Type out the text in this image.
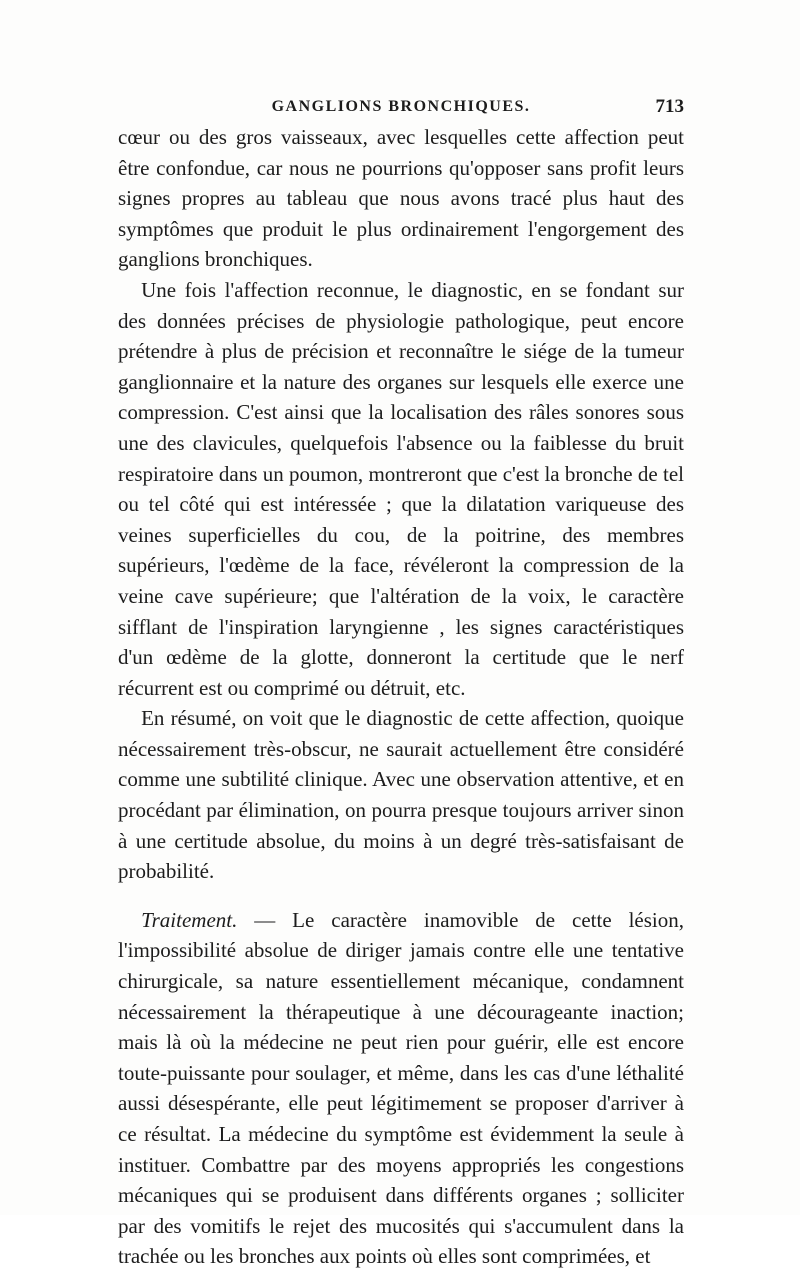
GANGLIONS BRONCHIQUES.	713

cœur ou des gros vaisseaux, avec lesquelles cette affection peut être confondue, car nous ne pourrions qu'opposer sans profit leurs signes propres au tableau que nous avons tracé plus haut des symptômes que produit le plus ordinairement l'engorgement des ganglions bronchiques.

Une fois l'affection reconnue, le diagnostic, en se fondant sur des données précises de physiologie pathologique, peut encore prétendre à plus de précision et reconnaître le siége de la tumeur ganglionnaire et la nature des organes sur lesquels elle exerce une compression. C'est ainsi que la localisation des râles sonores sous une des clavicules, quelquefois l'absence ou la faiblesse du bruit respiratoire dans un poumon, montreront que c'est la bronche de tel ou tel côté qui est intéressée ; que la dilatation variqueuse des veines superficielles du cou, de la poitrine, des membres supérieurs, l'œdème de la face, révéleront la compression de la veine cave supérieure; que l'altération de la voix, le caractère sifflant de l'inspiration laryngienne , les signes caractéristiques d'un œdème de la glotte, donneront la certitude que le nerf récurrent est ou comprimé ou détruit, etc.

En résumé, on voit que le diagnostic de cette affection, quoique nécessairement très-obscur, ne saurait actuellement être considéré comme une subtilité clinique. Avec une observation attentive, et en procédant par élimination, on pourra presque toujours arriver sinon à une certitude absolue, du moins à un degré très-satisfaisant de probabilité.

Traitement. — Le caractère inamovible de cette lésion, l'impossibilité absolue de diriger jamais contre elle une tentative chirurgicale, sa nature essentiellement mécanique, condamnent nécessairement la thérapeutique à une décourageante inaction; mais là où la médecine ne peut rien pour guérir, elle est encore toute-puissante pour soulager, et même, dans les cas d'une léthalité aussi désespérante, elle peut légitimement se proposer d'arriver à ce résultat. La médecine du symptôme est évidemment la seule à instituer. Combattre par des moyens appropriés les congestions mécaniques qui se produisent dans différents organes ; solliciter par des vomitifs le rejet des mucosités qui s'accumulent dans la trachée ou les bronches aux points où elles sont comprimées, et
